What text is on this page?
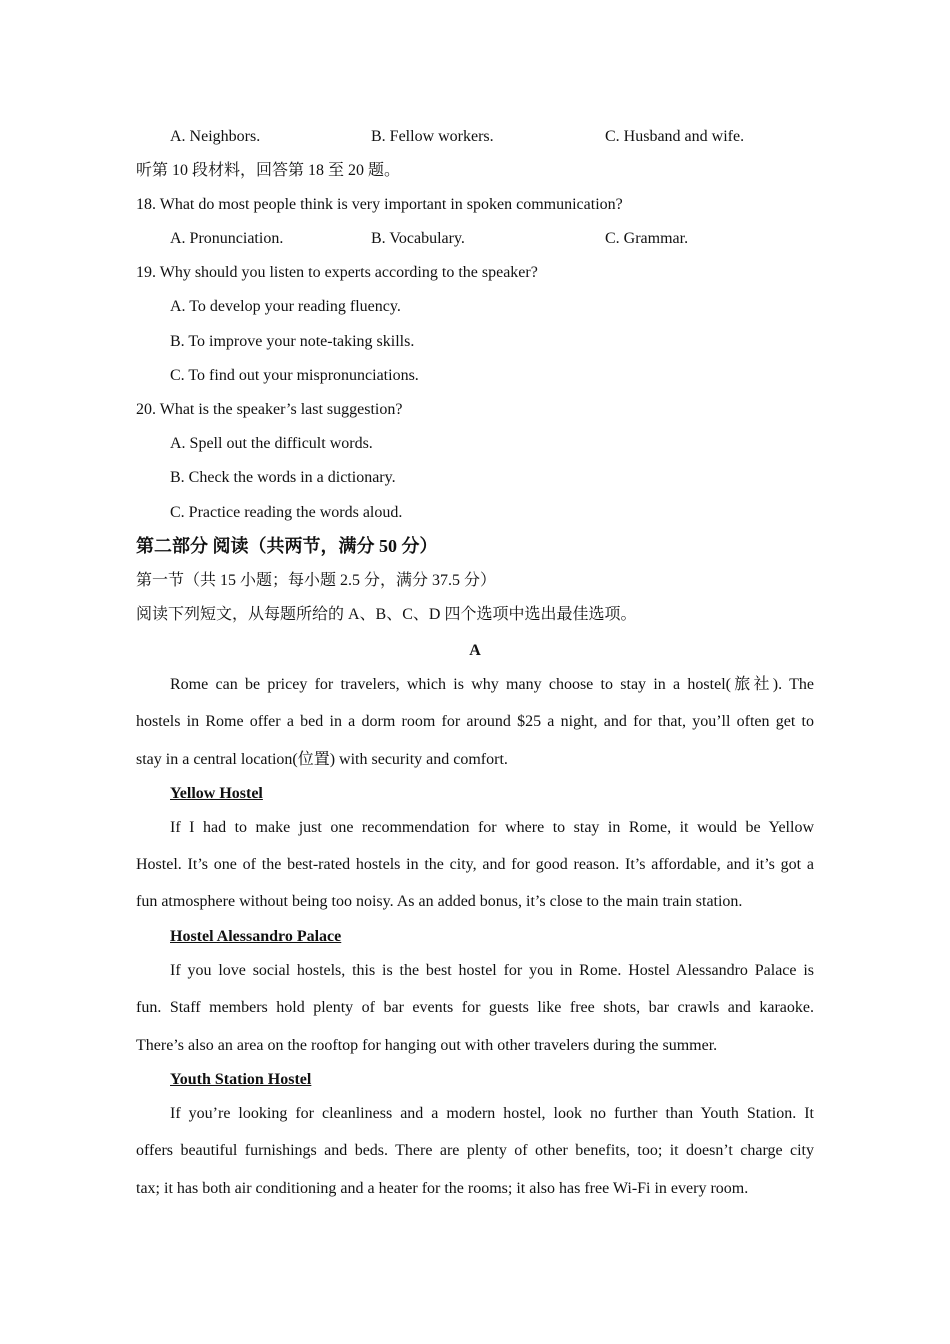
A. Neighbors.	B. Fellow workers.	C. Husband and wife.
听第 10 段材料，回答第 18 至 20 题。
18. What do most people think is very important in spoken communication?
A. Pronunciation.	B. Vocabulary.	C. Grammar.
19. Why should you listen to experts according to the speaker?
A. To develop your reading fluency.
B. To improve your note-taking skills.
C. To find out your mispronunciations.
20. What is the speaker’s last suggestion?
A. Spell out the difficult words.
B. Check the words in a dictionary.
C. Practice reading the words aloud.
第二部分 阅读（共两节，满分 50 分）
第一节（共 15 小题；每小题 2.5 分，满分 37.5 分）
阅读下列短文，从每题所给的 A、B、C、D 四个选项中选出最佳选项。
A
Rome can be pricey for travelers, which is why many choose to stay in a hostel(旅社). The
hostels in Rome offer a bed in a dorm room for around $25 a night, and for that, you’ll often get to
stay in a central location(位置) with security and comfort.
Yellow Hostel
If I had to make just one recommendation for where to stay in Rome, it would be Yellow
Hostel. It’s one of the best-rated hostels in the city, and for good reason. It’s affordable, and it’s got a
fun atmosphere without being too noisy. As an added bonus, it’s close to the main train station.
Hostel Alessandro Palace
If you love social hostels, this is the best hostel for you in Rome. Hostel Alessandro Palace is
fun. Staff members hold plenty of bar events for guests like free shots, bar crawls and karaoke.
There’s also an area on the rooftop for hanging out with other travelers during the summer.
Youth Station Hostel
If you’re looking for cleanliness and a modern hostel, look no further than Youth Station. It
offers beautiful furnishings and beds. There are plenty of other benefits, too; it doesn’t charge city
tax; it has both air conditioning and a heater for the rooms; it also has free Wi-Fi in every room.
